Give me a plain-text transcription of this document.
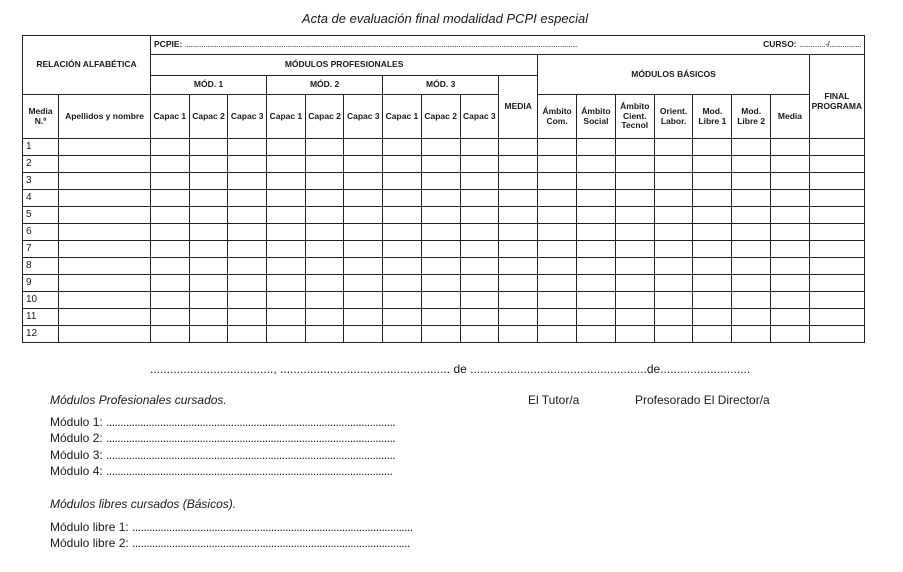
Acta de evaluación final modalidad PCPI especial
RELACIÓN ALFABÉTICA		PCPIE: ...................................................................................................................................................................................................................												CURSO: ..............-/.................					
		MÓDULOS PROFESIONALES										MÓDULOS BÁSICOS							FINAL PROGRAMA
		MÓD. 1			MÓD. 2			MÓD. 3			MEDIA								
Media N.º	Apellidos y nombre	Capac 1	Capac 2	Capac 3	Capac 1	Capac 2	Capac 3	Capac 1	Capac 2	Capac 3		Ámbito Com.	Ámbito Social	Ámbito Cient. Tecnol	Orient. Labor.	Mod. Libre 1	Mod. Libre 2	Media	
1																			
2																			
3																			
4																			
5																			
6																			
7																			
8																			
9																			
10																			
11																			
12																			
....................................., ................................................... de .....................................................de...........................
Módulos Profesionales cursados.	El Tutor/a	Profesorado El Director/a
Módulo 1: ......................................................................................................
Módulo 2: ......................................................................................................
Módulo 3: ......................................................................................................
Módulo 4: .....................................................................................................
Módulos libres cursados (Básicos).
Módulo libre 1: ...................................................................................................
Módulo libre 2: ..................................................................................................
